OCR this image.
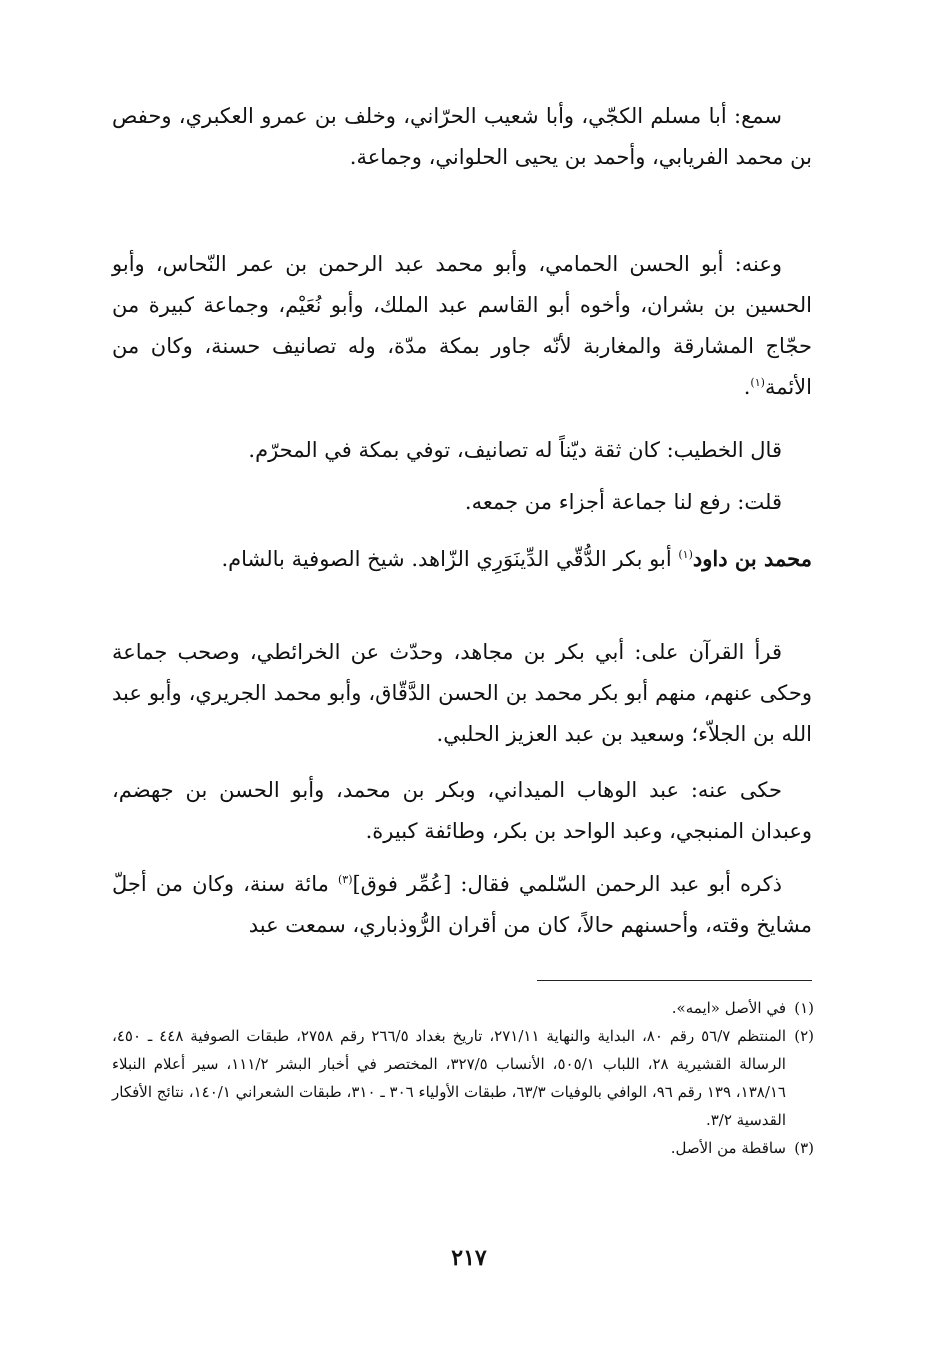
سمع: أبا مسلم الكجّي، وأبا شعيب الحرّاني، وخلف بن عمرو العكبري، وحفص بن محمد الفريابي، وأحمد بن يحيى الحلواني، وجماعة.

وعنه: أبو الحسن الحمامي، وأبو محمد عبد الرحمن بن عمر النّحاس، وأبو الحسين بن بشران، وأخوه أبو القاسم عبد الملك، وأبو نُعَيْم، وجماعة كبيرة من حجّاج المشارقة والمغاربة لأنّه جاور بمكة مدّة، وله تصانيف حسنة، وكان من الأئمة$^{(١)}$.

قال الخطيب: كان ثقة ديّناً له تصانيف، توفي بمكة في المحرّم.

قلت: رفع لنا جماعة أجزاء من جمعه.

محمد بن داود$^{(١)}$ أبو بكر الدُّقّي الدِّينَوَرِي الزّاهد. شيخ الصوفية بالشام.

قرأ القرآن على: أبي بكر بن مجاهد، وحدّث عن الخرائطي، وصحب جماعة وحكى عنهم، منهم أبو بكر محمد بن الحسن الدَّقّاق، وأبو محمد الجريري، وأبو عبد الله بن الجلاّء؛ وسعيد بن عبد العزيز الحلبي.

حكى عنه: عبد الوهاب الميداني، وبكر بن محمد، وأبو الحسن بن جهضم، وعبدان المنبجي، وعبد الواحد بن بكر، وطائفة كبيرة.

ذكره أبو عبد الرحمن السّلمي فقال: [عُمِّر فوق]$^{(٣)}$ مائة سنة، وكان من أجلّ مشايخ وقته، وأحسنهم حالاً، كان من أقران الرُّوذباري، سمعت عبد

(١)
في الأصل «ايمه».

(٢)
المنتظم ٥٦/٧ رقم ٨٠، البداية والنهاية ٢٧١/١١، تاريخ بغداد ٢٦٦/٥ رقم ٢٧٥٨، طبقات الصوفية ٤٤٨ ـ ٤٥٠، الرسالة القشيرية ٢٨، اللباب ٥٠٥/١، الأنساب ٣٢٧/٥، المختصر في أخبار البشر ١١١/٢، سير أعلام النبلاء ١٣٨/١٦، ١٣٩ رقم ٩٦، الوافي بالوفيات ٦٣/٣، طبقات الأولياء ٣٠٦ ـ ٣١٠، طبقات الشعراني ١٤٠/١، نتائج الأفكار القدسية ٣/٢.

(٣)
ساقطة من الأصل.

٢١٧
